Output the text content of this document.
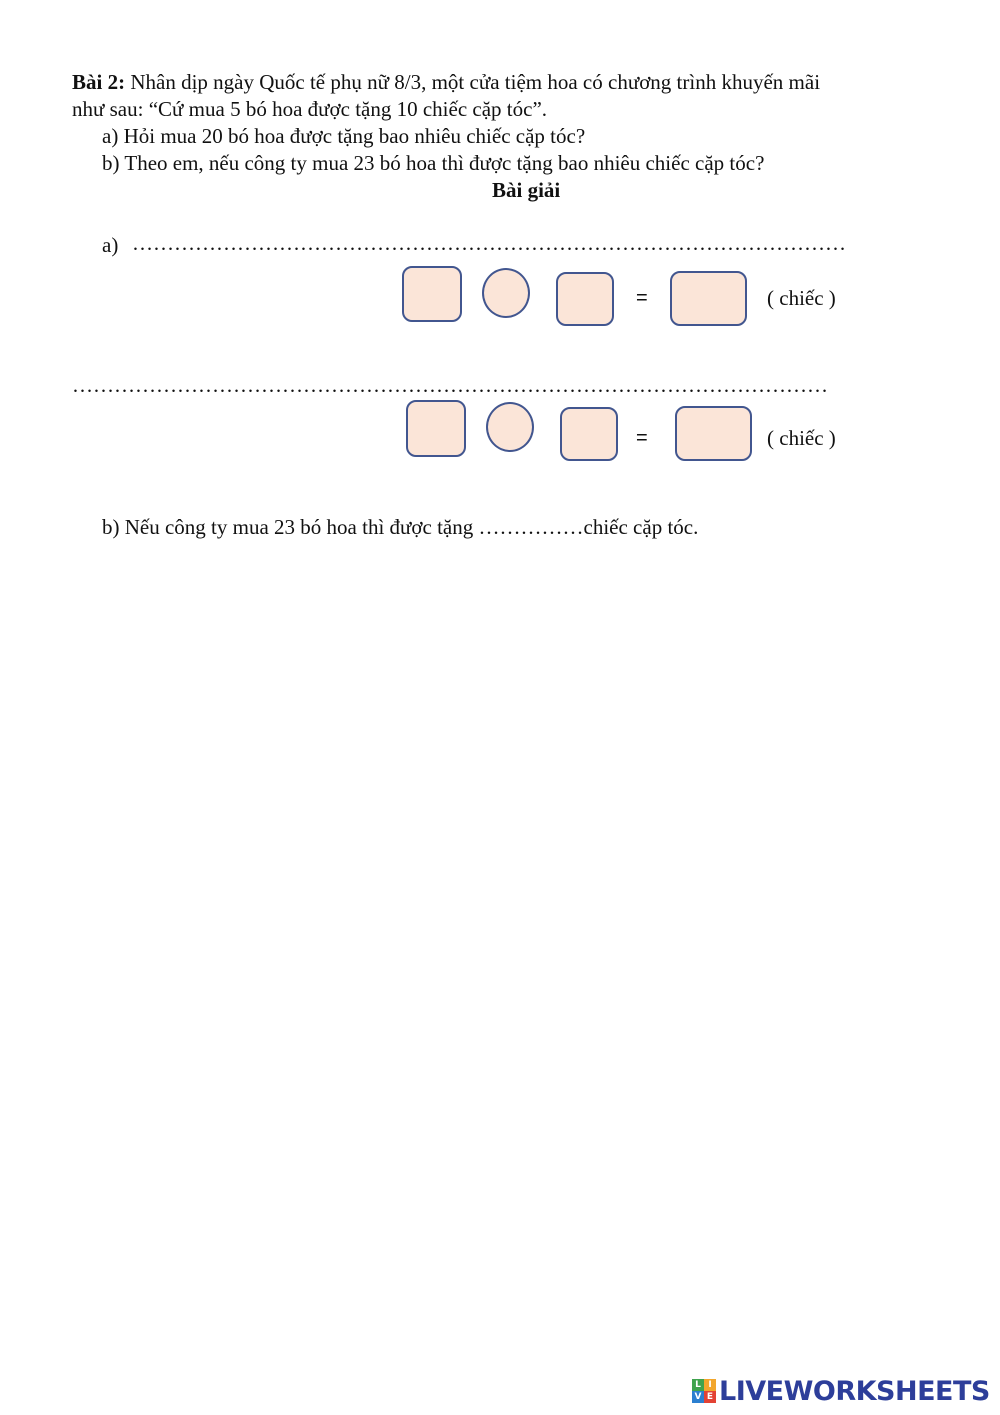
Bài 2: Nhân dịp ngày Quốc tế phụ nữ 8/3, một cửa tiệm hoa có chương trình khuyến mãi
như sau: “Cứ mua 5 bó hoa được tặng 10 chiếc cặp tóc”.
a) Hỏi mua 20 bó hoa được tặng bao nhiêu chiếc cặp tóc?
b) Theo em, nếu công ty mua 23 bó hoa thì được tặng bao nhiêu chiếc cặp tóc?
Bài giải
a) …………………………………………………………………………………………
=	( chiếc )
………………………………………………………………………………………………
=	( chiếc )
b) Nếu công ty mua 23 bó hoa thì được tặng ……………chiếc cặp tóc.
L I
V E LIVEWORKSHEETS
